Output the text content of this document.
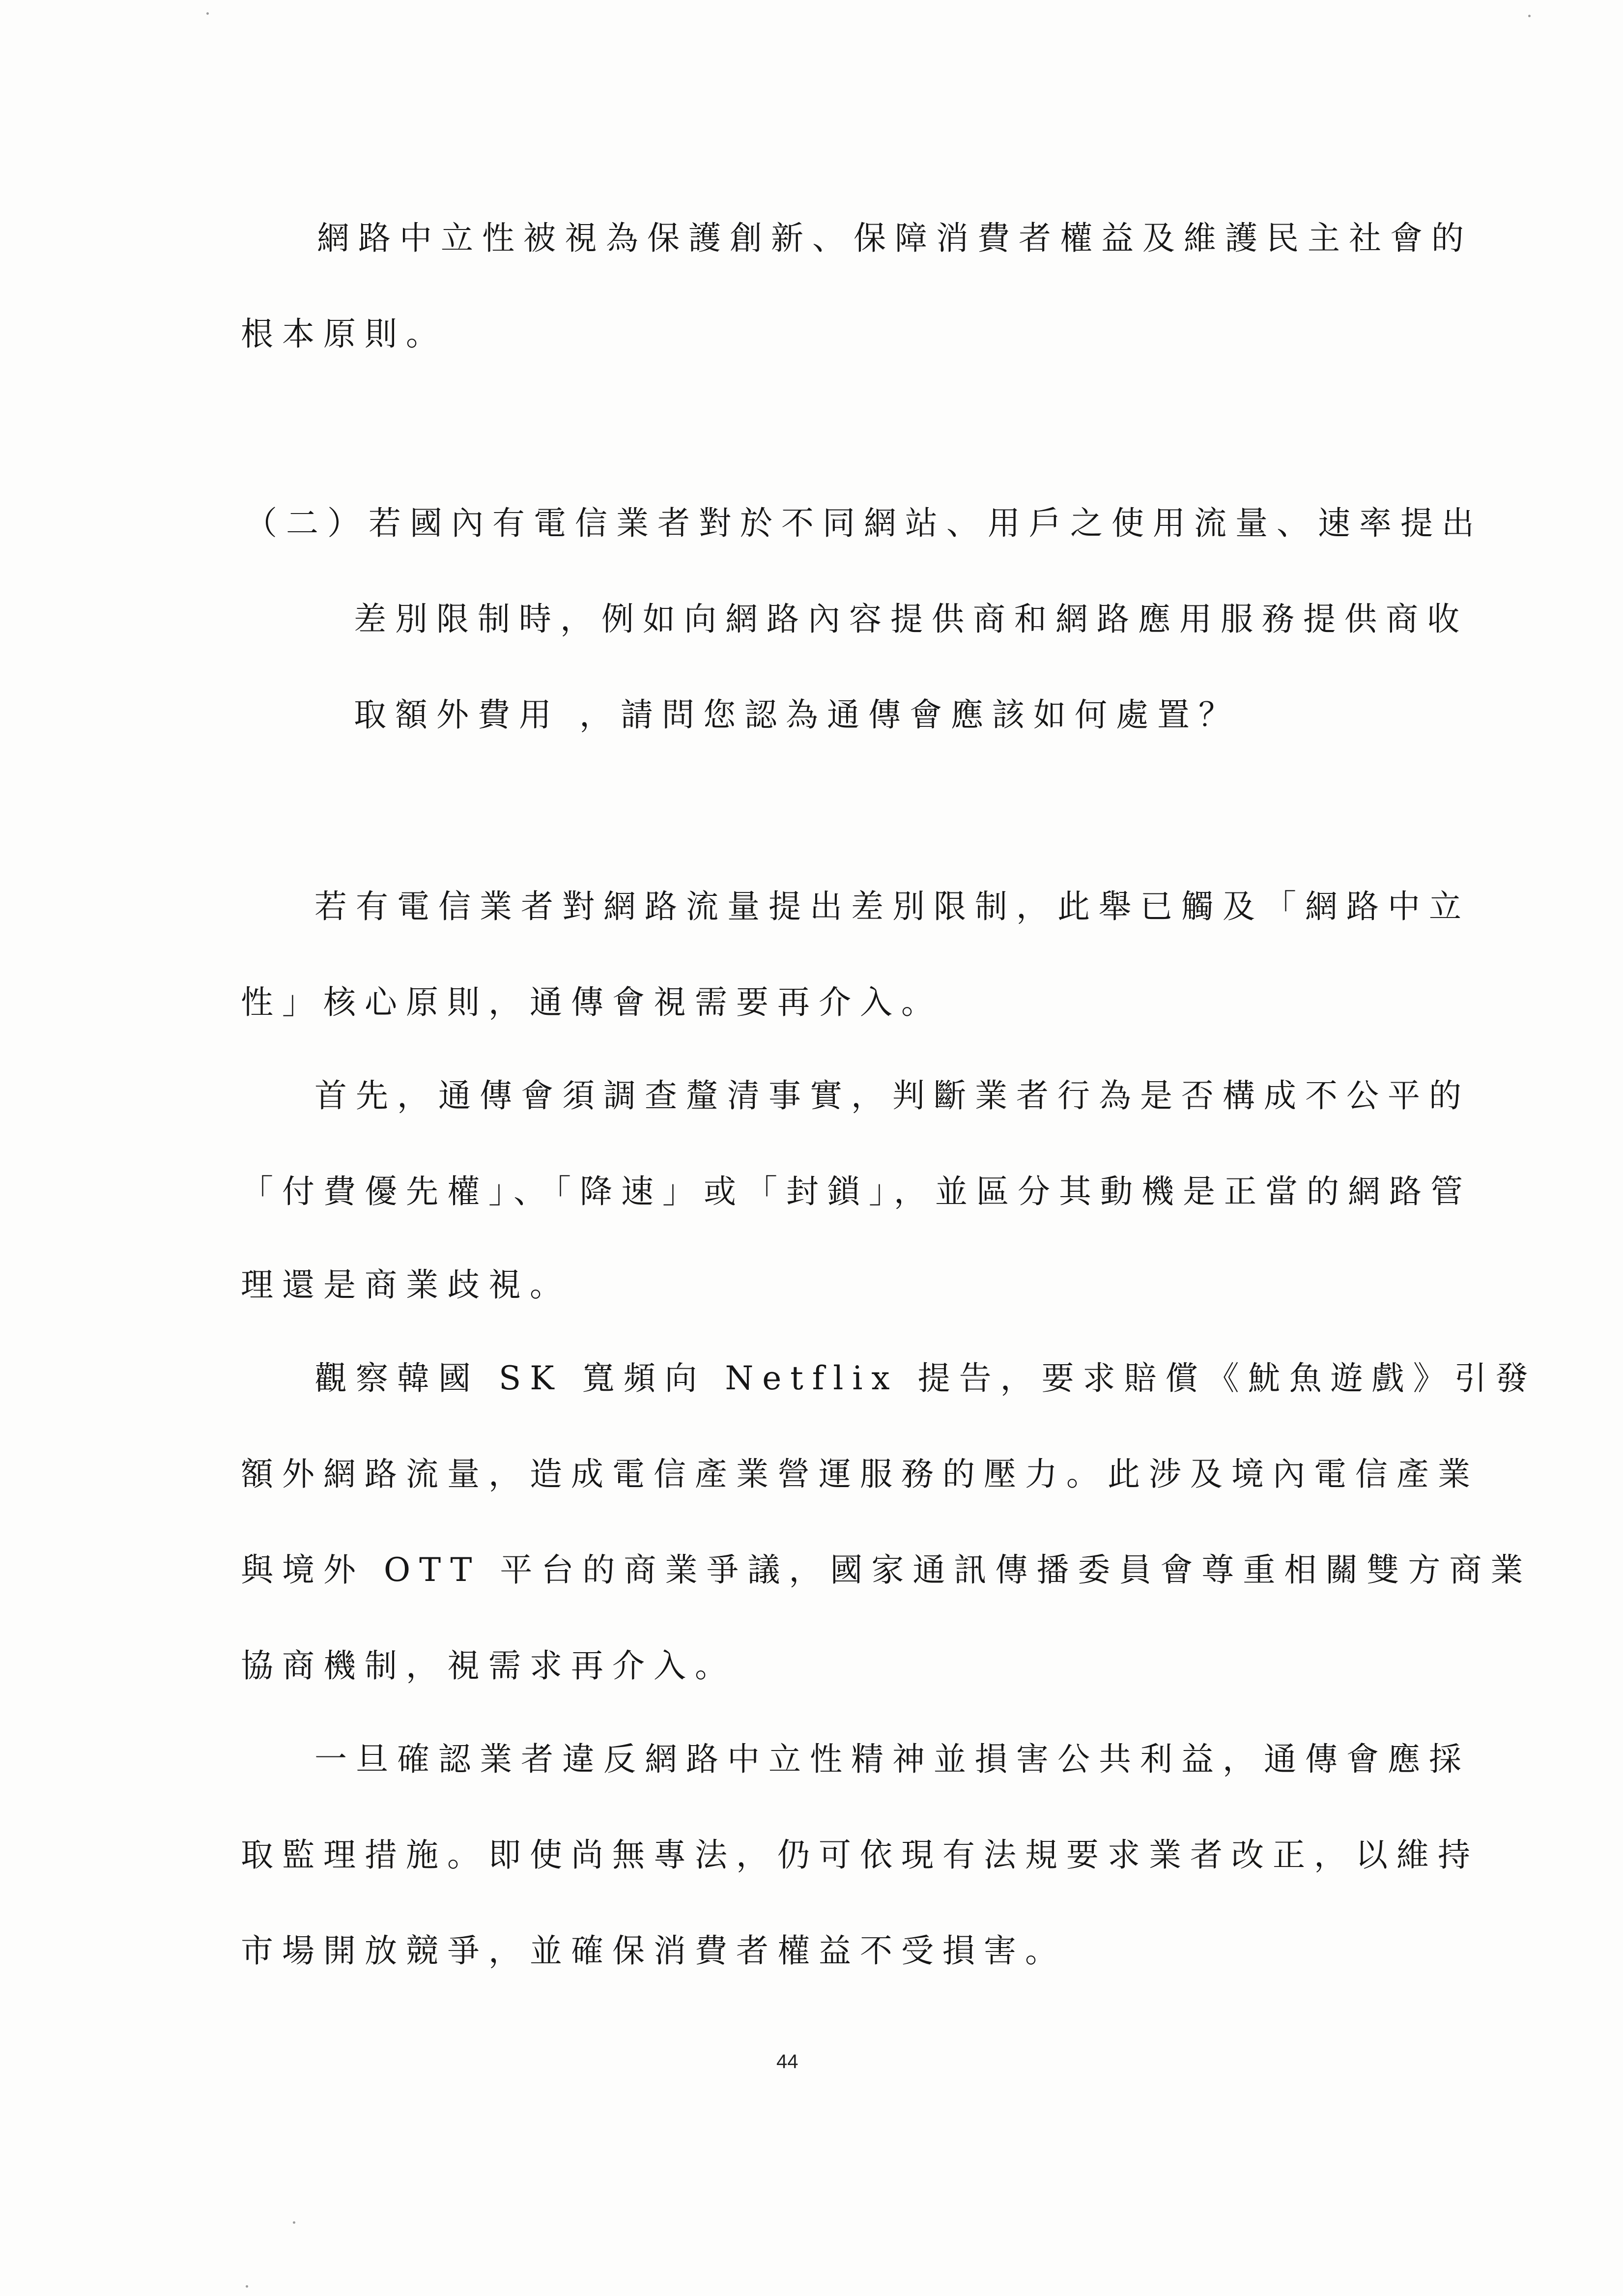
網路中立性被視為保護創新、保障消費者權益及維護民主社會的
根本原則。
（二）若國內有電信業者對於不同網站、用戶之使用流量、速率提出
差別限制時，例如向網路內容提供商和網路應用服務提供商收
取額外費用 ，請問您認為通傳會應該如何處置？
若有電信業者對網路流量提出差別限制，此舉已觸及「網路中立
性」核心原則，通傳會視需要再介入。
首先，通傳會須調查釐清事實，判斷業者行為是否構成不公平的
「付費優先權」、「降速」或「封鎖」，並區分其動機是正當的網路管
理還是商業歧視。
觀察韓國 SK 寬頻向 Netflix 提告，要求賠償《魷魚遊戲》引發
額外網路流量，造成電信產業營運服務的壓力。此涉及境內電信產業
與境外 OTT 平台的商業爭議，國家通訊傳播委員會尊重相關雙方商業
協商機制，視需求再介入。
一旦確認業者違反網路中立性精神並損害公共利益，通傳會應採
取監理措施。即使尚無專法，仍可依現有法規要求業者改正，以維持
市場開放競爭，並確保消費者權益不受損害。
44
